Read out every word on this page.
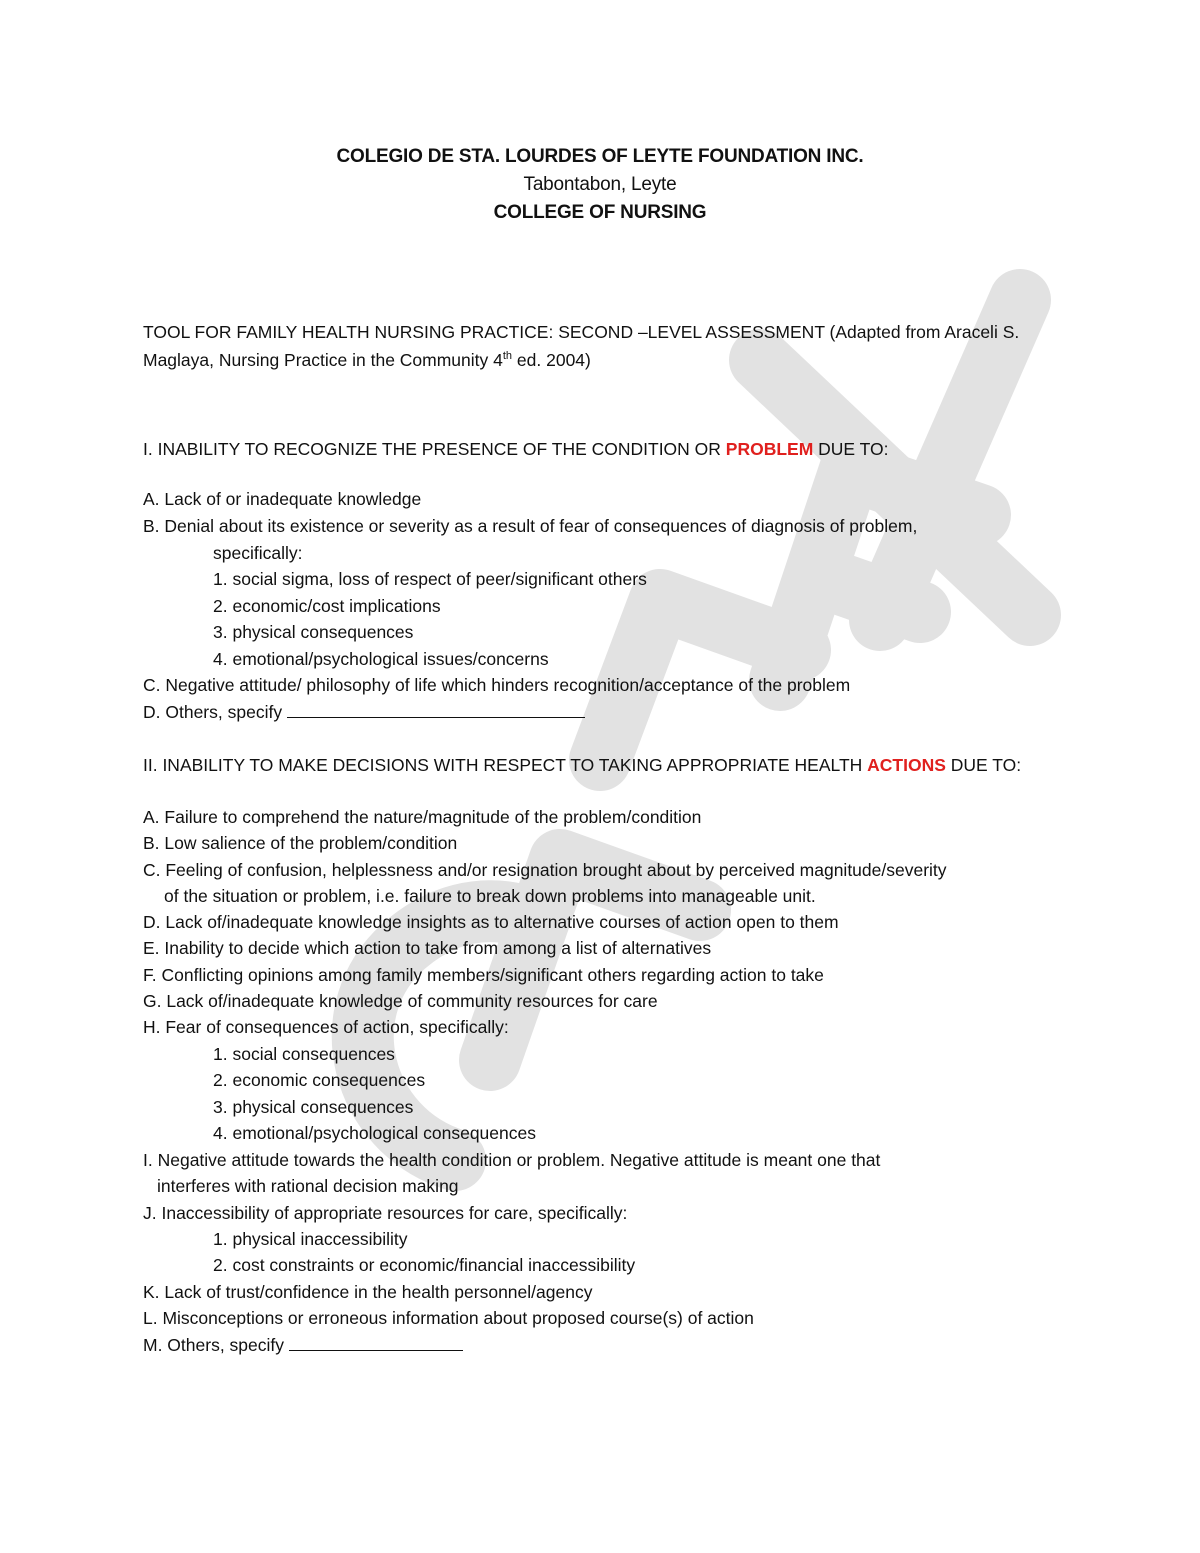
COLEGIO DE STA. LOURDES OF LEYTE FOUNDATION INC.
Tabontabon, Leyte
COLLEGE OF NURSING
TOOL FOR FAMILY HEALTH NURSING PRACTICE: SECOND –LEVEL ASSESSMENT (Adapted from Araceli S. Maglaya, Nursing Practice in the Community 4th ed. 2004)
I. INABILITY TO RECOGNIZE THE PRESENCE OF THE CONDITION OR PROBLEM DUE TO:
A. Lack of or inadequate knowledge
B. Denial about its existence or severity as a result of fear of consequences of diagnosis of problem,
specifically:
1. social sigma, loss of respect of peer/significant others
2. economic/cost implications
3. physical consequences
4. emotional/psychological issues/concerns
C. Negative attitude/ philosophy of life which hinders recognition/acceptance of the problem
D. Others, specify
II. INABILITY TO MAKE DECISIONS WITH RESPECT TO TAKING APPROPRIATE HEALTH ACTIONS DUE TO:
A. Failure to comprehend the nature/magnitude of the problem/condition
B. Low salience of the problem/condition
C. Feeling of confusion, helplessness and/or resignation brought about by perceived magnitude/severity
of the situation or problem, i.e. failure to break down problems into manageable unit.
D. Lack of/inadequate knowledge insights as to alternative courses of action open to them
E. Inability to decide which action to take from among a list of alternatives
F. Conflicting opinions among family members/significant others regarding action to take
G. Lack of/inadequate knowledge of community resources for care
H. Fear of consequences of action, specifically:
1. social consequences
2. economic consequences
3. physical consequences
4. emotional/psychological consequences
I. Negative attitude towards the health condition or problem. Negative attitude is meant one that
interferes with rational decision making
J. Inaccessibility of appropriate resources for care, specifically:
1. physical inaccessibility
2. cost constraints or economic/financial inaccessibility
K. Lack of trust/confidence in the health personnel/agency
L. Misconceptions or erroneous information about proposed course(s) of action
M. Others, specify
